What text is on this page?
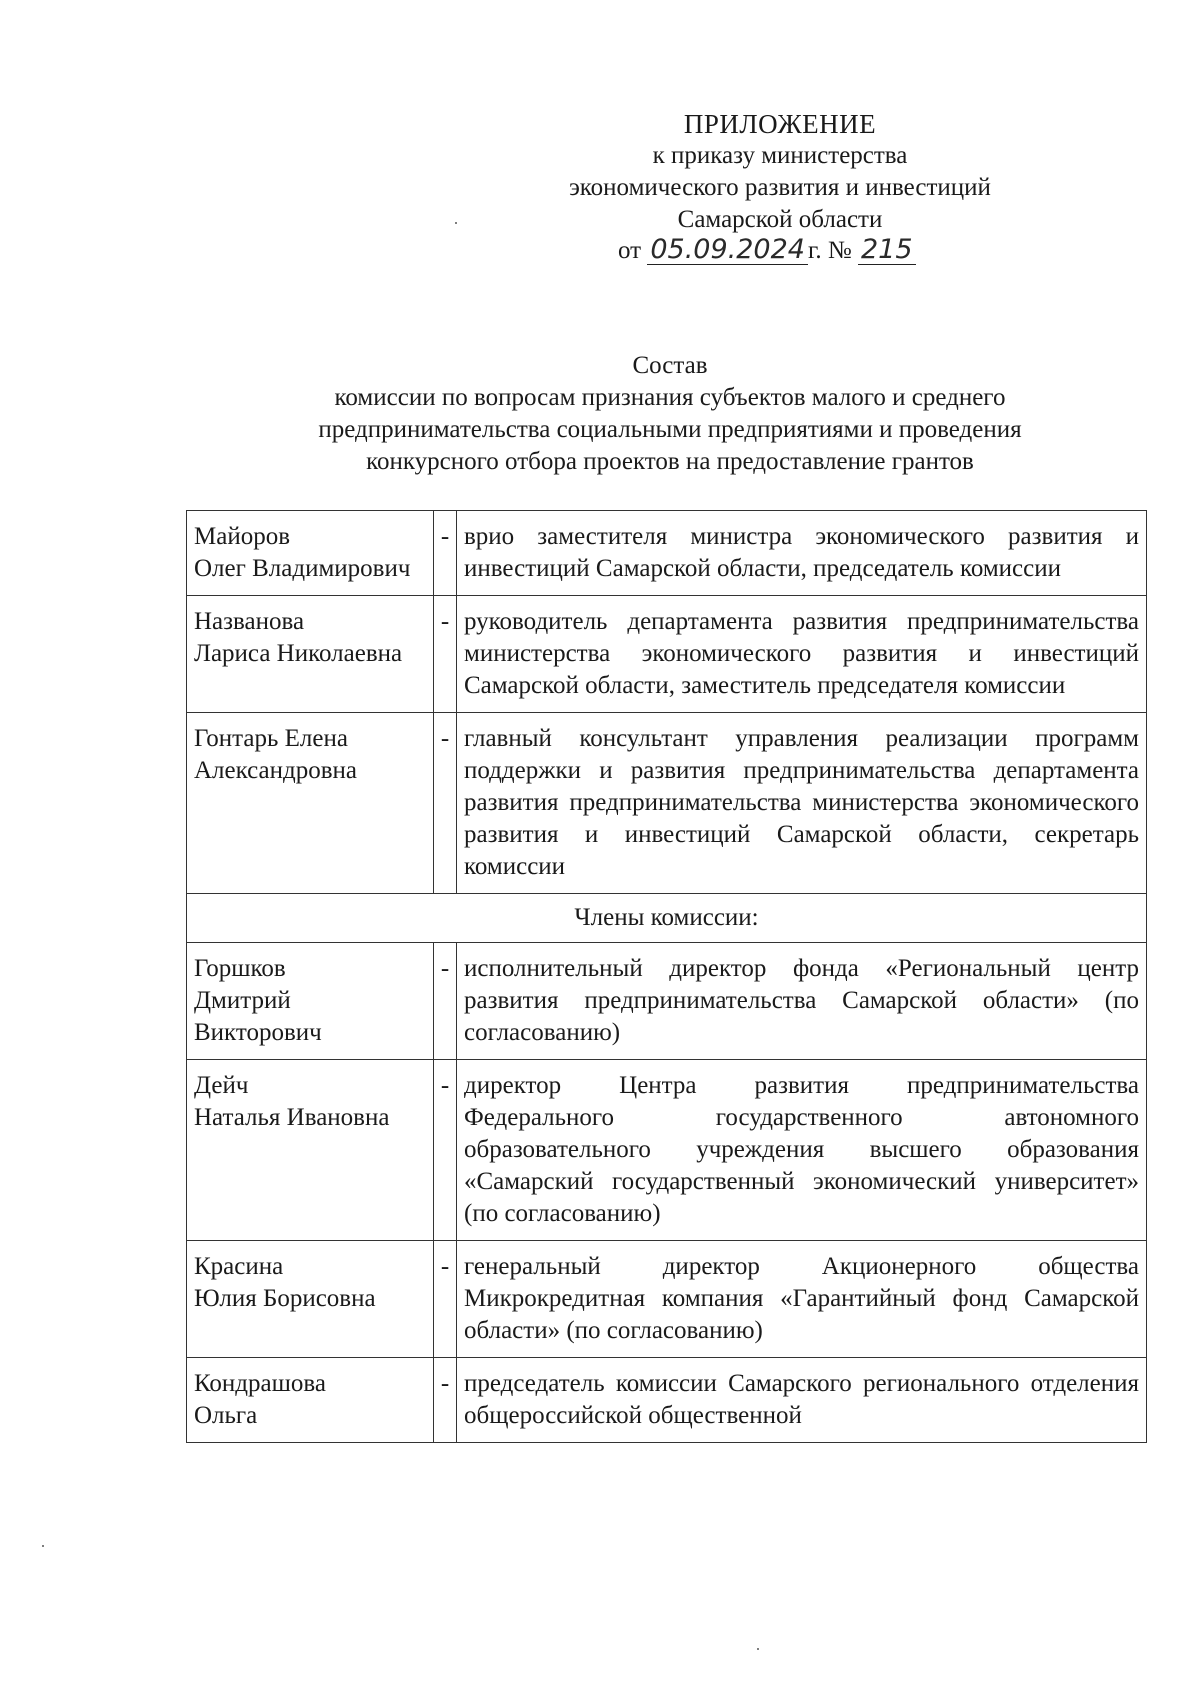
ПРИЛОЖЕНИЕ
к приказу министерства
экономического развития и инвестиций
Самарской области
от 05.09.2024 г. № 215
Состав
комиссии по вопросам признания субъектов малого и среднего
предпринимательства социальными предприятиями и проведения
конкурсного отбора проектов на предоставление грантов
Майоров
Олег Владимирович	-	врио заместителя министра экономического развития и инвестиций Самарской области, председатель комиссии

Названова
Лариса Николаевна	-	руководитель департамента развития предпринимательства министерства экономического развития и инвестиций Самарской области, заместитель председателя комиссии

Гонтарь Елена
Александровна	-	главный консультант управления реализации программ поддержки и развития предпринимательства департамента развития предпринимательства министерства экономического развития и инвестиций Самарской области, секретарь комиссии
Члены комиссии:		

Горшков
Дмитрий
Викторович	-	исполнительный директор фонда «Региональный центр развития предпринимательства Самарской области» (по согласованию)

Дейч
Наталья Ивановна	-	директор Центра развития предпринимательства Федерального государственного автономного образовательного учреждения высшего образования «Самарский государственный экономический университет» (по согласованию)

Красина
Юлия Борисовна	-	генеральный директор Акционерного общества Микрокредитная компания «Гарантийный фонд Самарской области» (по согласованию)

Кондрашова
Ольга	-	председатель комиссии Самарского регионального отделения общероссийской общественной
